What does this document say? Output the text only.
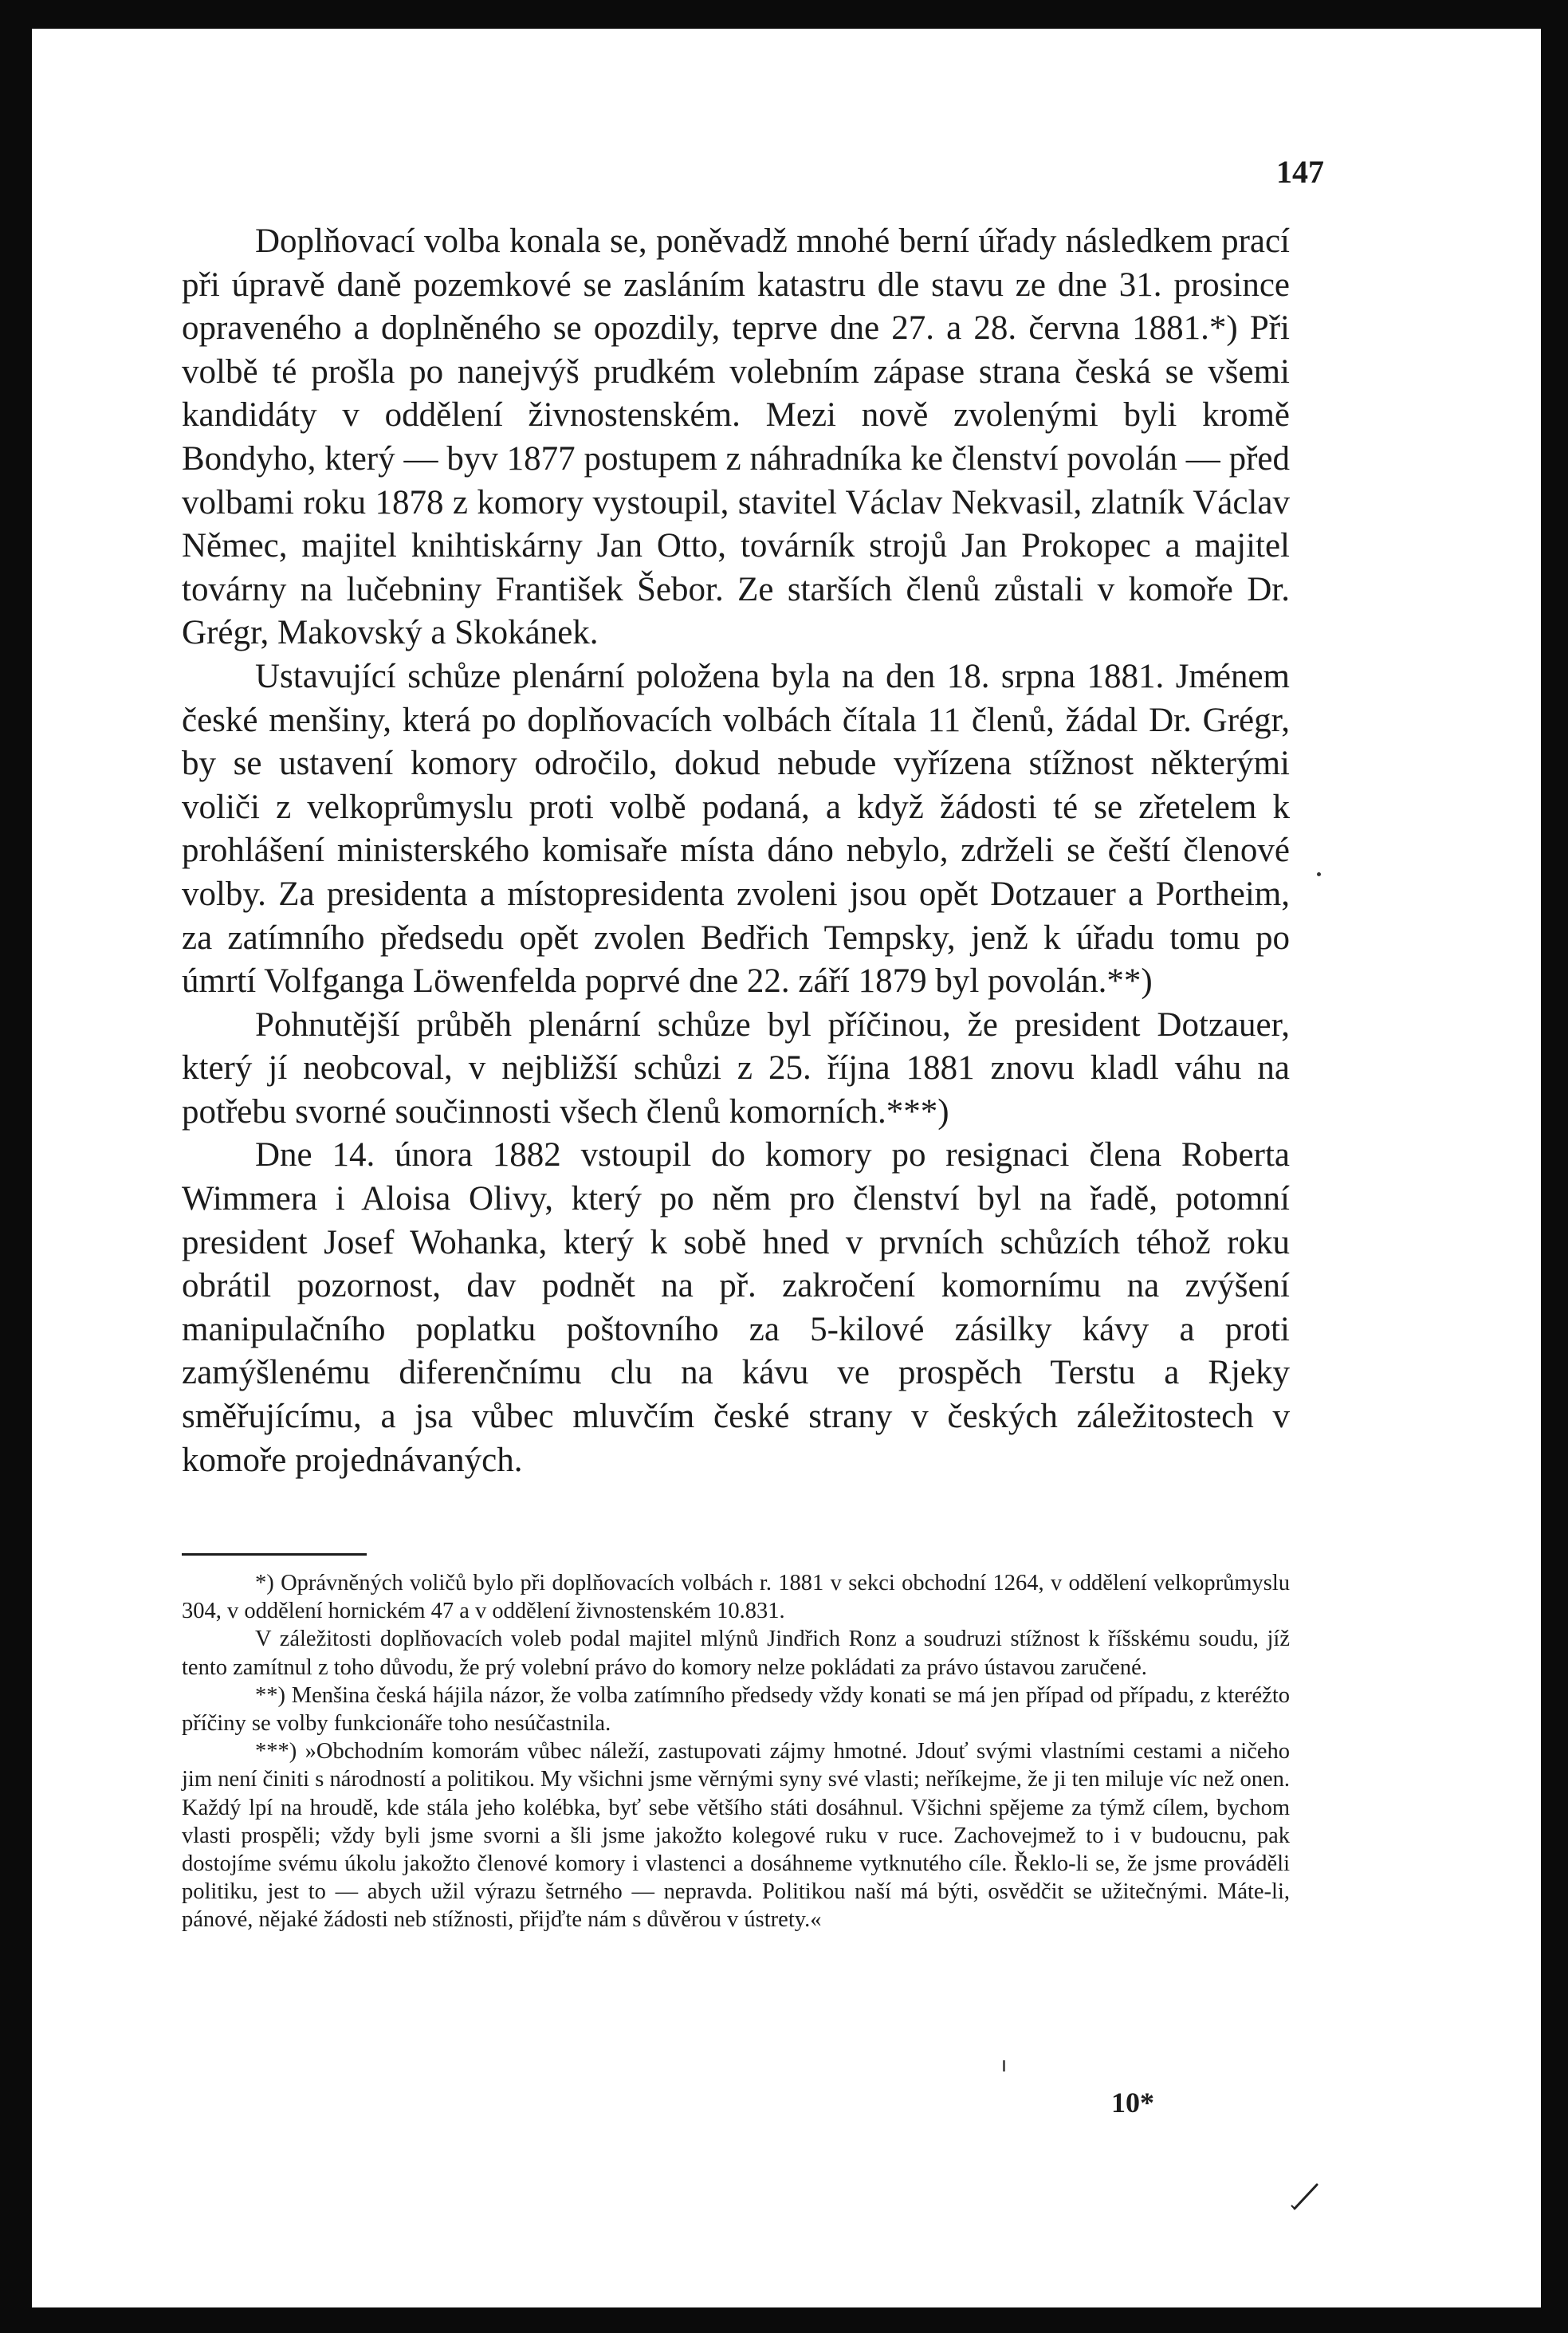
147

Doplňovací volba konala se, poněvadž mnohé berní úřady následkem prací při úpravě daně pozemkové se zasláním katastru dle stavu ze dne 31. prosince opraveného a doplněného se opozdily, teprve dne 27. a 28. června 1881.*) Při volbě té prošla po nanejvýš prudkém volebním zápase strana česká se všemi kandidáty v oddělení živnostenském. Mezi nově zvolenými byli kromě Bondyho, který — byv 1877 postupem z náhradníka ke členství povolán — před volbami roku 1878 z komory vystoupil, stavitel Václav Nekvasil, zlatník Václav Němec, majitel knihtiskárny Jan Otto, továrník strojů Jan Prokopec a majitel továrny na lučebniny František Šebor. Ze starších členů zůstali v komoře Dr. Grégr, Makovský a Skokánek.

Ustavující schůze plenární položena byla na den 18. srpna 1881. Jménem české menšiny, která po doplňovacích volbách čítala 11 členů, žádal Dr. Grégr, by se ustavení komory odročilo, dokud nebude vyřízena stížnost některými voliči z velkoprůmyslu proti volbě podaná, a když žádosti té se zřetelem k prohlášení ministerského komisaře místa dáno nebylo, zdrželi se čeští členové volby. Za presidenta a místopresidenta zvoleni jsou opět Dotzauer a Portheim, za zatímního předsedu opět zvolen Bedřich Tempsky, jenž k úřadu tomu po úmrtí Volfganga Löwenfelda poprvé dne 22. září 1879 byl povolán.**)

Pohnutější průběh plenární schůze byl příčinou, že president Dotzauer, který jí neobcoval, v nejbližší schůzi z 25. října 1881 znovu kladl váhu na potřebu svorné součinnosti všech členů komorních.***)

Dne 14. února 1882 vstoupil do komory po resignaci člena Roberta Wimmera i Aloisa Olivy, který po něm pro členství byl na řadě, potomní president Josef Wohanka, který k sobě hned v prvních schůzích téhož roku obrátil pozornost, dav podnět na př. zakročení komornímu na zvýšení manipulačního poplatku poštovního za 5-kilové zásilky kávy a proti zamýšlenému diferenčnímu clu na kávu ve prospěch Terstu a Rjeky směřujícímu, a jsa vůbec mluvčím české strany v českých záležitostech v komoře projednávaných.

*) Oprávněných voličů bylo při doplňovacích volbách r. 1881 v sekci obchodní 1264, v oddělení velkoprůmyslu 304, v oddělení hornickém 47 a v oddělení živnostenském 10.831.

V záležitosti doplňovacích voleb podal majitel mlýnů Jindřich Ronz a soudruzi stížnost k říšskému soudu, jíž tento zamítnul z toho důvodu, že prý volební právo do komory nelze pokládati za právo ústavou zaručené.

**) Menšina česká hájila názor, že volba zatímního předsedy vždy konati se má jen případ od případu, z kteréžto příčiny se volby funkcionáře toho nesúčastnila.

***) »Obchodním komorám vůbec náleží, zastupovati zájmy hmotné. Jdouť svými vlastními cestami a ničeho jim není činiti s národností a politikou. My všichni jsme věrnými syny své vlasti; neříkejme, že ji ten miluje víc než onen. Každý lpí na hroudě, kde stála jeho kolébka, byť sebe většího státi dosáhnul. Všichni spějeme za týmž cílem, bychom vlasti prospěli; vždy byli jsme svorni a šli jsme jakožto kolegové ruku v ruce. Zachovejmež to i v budoucnu, pak dostojíme svému úkolu jakožto členové komory i vlastenci a dosáhneme vytknutého cíle. Řeklo-li se, že jsme prováděli politiku, jest to — abych užil výrazu šetrného — nepravda. Politikou naší má býti, osvědčit se užitečnými. Máte-li, pánové, nějaké žádosti neb stížnosti, přijďte nám s důvěrou v ústrety.«

10*
